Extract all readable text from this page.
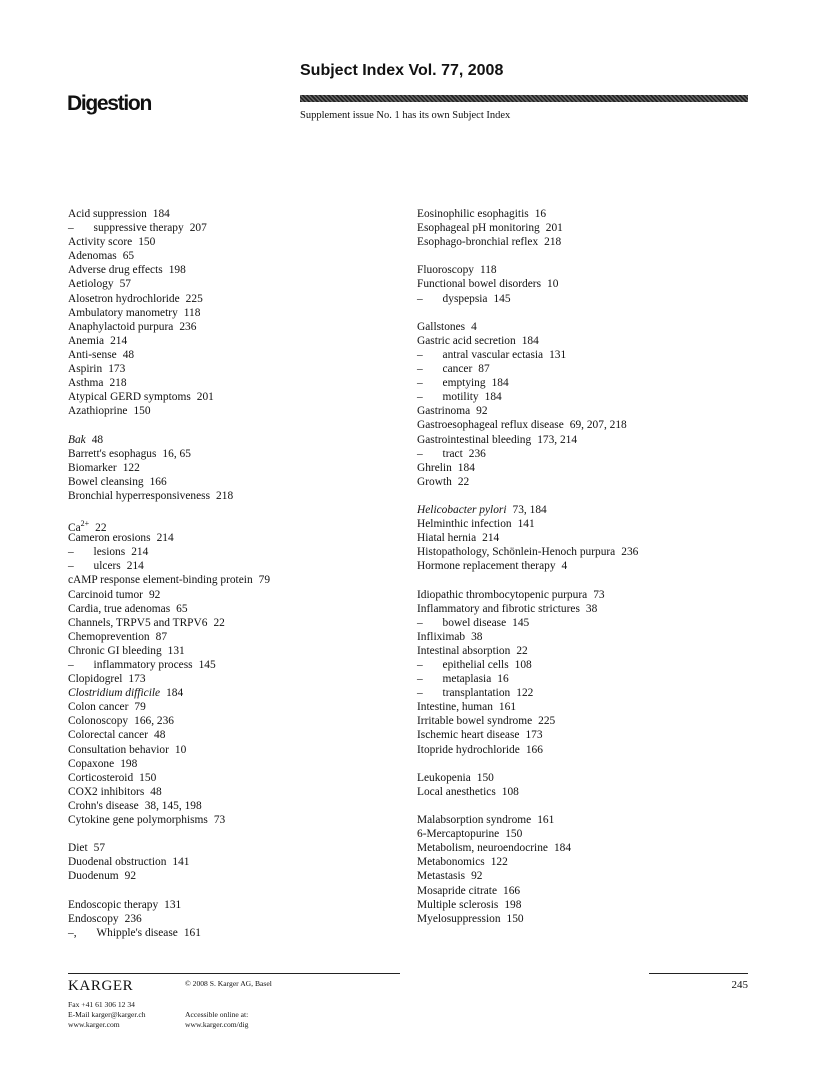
Digestion
Subject Index Vol. 77, 2008
Supplement issue No. 1 has its own Subject Index
Acid suppression 184
– suppressive therapy 207
Activity score 150
Adenomas 65
Adverse drug effects 198
Aetiology 57
Alosetron hydrochloride 225
Ambulatory manometry 118
Anaphylactoid purpura 236
Anemia 214
Anti-sense 48
Aspirin 173
Asthma 218
Atypical GERD symptoms 201
Azathioprine 150
Bak 48
Barrett's esophagus 16, 65
Biomarker 122
Bowel cleansing 166
Bronchial hyperresponsiveness 218
$Ca^{2+}$ 22
Cameron erosions 214
– lesions 214
– ulcers 214
cAMP response element-binding protein 79
Carcinoid tumor 92
Cardia, true adenomas 65
Channels, TRPV5 and TRPV6 22
Chemoprevention 87
Chronic GI bleeding 131
– inflammatory process 145
Clopidogrel 173
Clostridium difficile 184
Colon cancer 79
Colonoscopy 166, 236
Colorectal cancer 48
Consultation behavior 10
Copaxone 198
Corticosteroid 150
COX2 inhibitors 48
Crohn's disease 38, 145, 198
Cytokine gene polymorphisms 73
Diet 57
Duodenal obstruction 141
Duodenum 92
Endoscopic therapy 131
Endoscopy 236
–, Whipple's disease 161
Eosinophilic esophagitis 16
Esophageal pH monitoring 201
Esophago-bronchial reflex 218
Fluoroscopy 118
Functional bowel disorders 10
– dyspepsia 145
Gallstones 4
Gastric acid secretion 184
– antral vascular ectasia 131
– cancer 87
– emptying 184
– motility 184
Gastrinoma 92
Gastroesophageal reflux disease 69, 207, 218
Gastrointestinal bleeding 173, 214
– tract 236
Ghrelin 184
Growth 22
Helicobacter pylori 73, 184
Helminthic infection 141
Hiatal hernia 214
Histopathology, Schönlein-Henoch purpura 236
Hormone replacement therapy 4
Idiopathic thrombocytopenic purpura 73
Inflammatory and fibrotic strictures 38
– bowel disease 145
Infliximab 38
Intestinal absorption 22
– epithelial cells 108
– metaplasia 16
– transplantation 122
Intestine, human 161
Irritable bowel syndrome 225
Ischemic heart disease 173
Itopride hydrochloride 166
Leukopenia 150
Local anesthetics 108
Malabsorption syndrome 161
6-Mercaptopurine 150
Metabolism, neuroendocrine 184
Metabonomics 122
Metastasis 92
Mosapride citrate 166
Multiple sclerosis 198
Myelosuppression 150
KARGER	© 2008 S. Karger AG, Basel
Fax +41 61 306 12 34
E-Mail karger@karger.ch
www.karger.com
Accessible online at:
www.karger.com/dig
245
